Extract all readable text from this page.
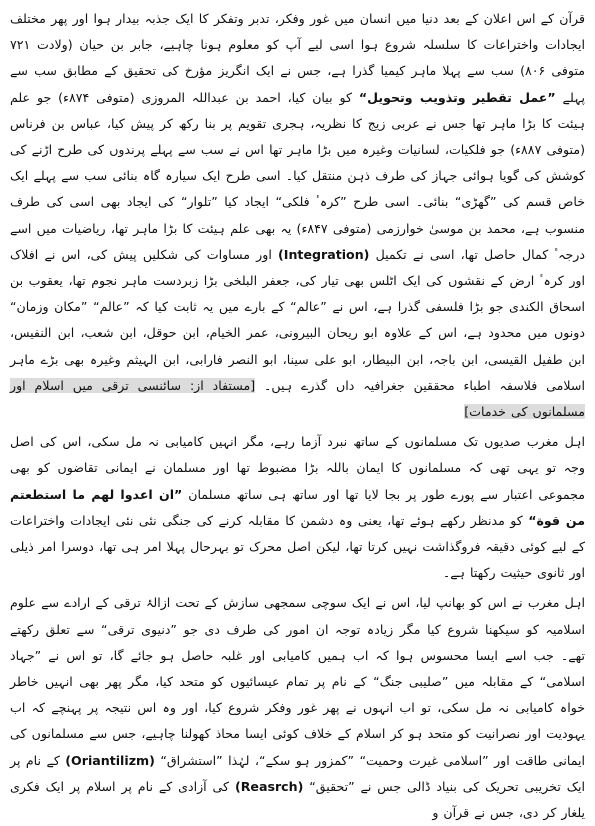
قرآن کے اس اعلان کے بعد دنیا میں انسان میں غور وفکر، تدبر وتفکر کا ایک جذبہ بیدار ہوا اور پھر مختلف ایجادات واختراعات کا سلسلہ شروع ہوا اسی لیے آپ کو معلوم ہونا چاہیے، جابر بن حیان (ولادت ۷۲۱ متوفی ۸۰۶) سب سے پہلا ماہر کیمیا گذرا ہے، جس نے ایک انگریز مؤرخ کی تحقیق کے مطابق سب سے پہلے ”عمل تقطیر وتذویب وتحویل“ کو بیان کیا، احمد بن عبداللہ المروزی (متوفی ۸۷۴ء) جو علم ہیئت کا بڑا ماہر تھا جس نے عربی زیج کا نظریہ، ہجری تقویم پر بنا رکھ کر پیش کیا، عباس بن فرناس (متوفی ۸۸۷ء) جو فلکیات، لسانیات وغیرہ میں بڑا ماہر تھا اس نے سب سے پہلے پرندوں کی طرح اڑنے کی کوشش کی گویا ہوائی جہاز کی طرف ذہن منتقل کیا۔ اسی طرح ایک سیارہ گاہ بنائی سب سے پہلے ایک خاص قسم کی ”گھڑی“ بنائی۔ اسی طرح ”کرہٴ فلکی“ ایجاد کیا ”تلوار“ کی ایجاد بھی اسی کی طرف منسوب ہے، محمد بن موسیٰ خوارزمی (متوفی ۸۴۷ء) یہ بھی علم ہیئت کا بڑا ماہر تھا، ریاضیات میں اسے درجہٴ کمال حاصل تھا، اسی نے تکمیل (Integration) اور مساوات کی شکلیں پیش کی، اس نے افلاک اور کرہٴ ارض کے نقشوں کی ایک اٹلس بھی تیار کی، جعفر البلخی بڑا زبردست ماہر نجوم تھا، یعقوب بن اسحاق الکندی جو بڑا فلسفی گذرا ہے، اس نے ”عالم“ کے بارے میں یہ ثابت کیا کہ ”عالم“ ”مکان وزمان“ دونوں میں محدود ہے، اس کے علاوہ ابو ریحان البیرونی، عمر الخیام، ابن حوقل، ابن شعب، ابن النفیس، ابن طفیل القیسی، ابن باجہ، ابن البیطار، ابو علی سینا، ابو النصر فارابی، ابن الہیثم وغیرہ بھی بڑے ماہر اسلامی فلاسفہ اطباء محققین جغرافیہ داں گذرے ہیں۔ [مستفاد از: سائنسی ترقی میں اسلام اور مسلمانوں کی خدمات]

اہل مغرب صدیوں تک مسلمانوں کے ساتھ نبرد آزما رہے، مگر انہیں کامیابی نہ مل سکی، اس کی اصل وجہ تو یہی تھی کہ مسلمانوں کا ایمان باللہ بڑا مضبوط تھا اور مسلمان نے ایمانی تقاضوں کو بھی مجموعی اعتبار سے پورے طور پر بجا لایا تھا اور ساتھ ہی ساتھ مسلمان ”ان اعدوا لهم ما استطعتم من قوة“ کو مدنظر رکھے ہوئے تھا، یعنی وہ دشمن کا مقابلہ کرنے کی جنگی نئی نئی ایجادات واختراعات کے لیے کوئی دقیقہ فروگذاشت نہیں کرتا تھا، لیکن اصل محرک تو بہرحال پہلا امر ہی تھا، دوسرا امر ذیلی اور ثانوی حیثیت رکھتا ہے۔

اہل مغرب نے اس کو بھانپ لیا، اس نے ایک سوچی سمجھی سازش کے تحت ازالۂ ترقی کے ارادے سے علوم اسلامیہ کو سیکھنا شروع کیا مگر زیادہ توجہ ان امور کی طرف دی جو ”دنیوی ترقی“ سے تعلق رکھتے تھے۔ جب اسے ایسا محسوس ہوا کہ اب ہمیں کامیابی اور غلبہ حاصل ہو جائے گا، تو اس نے ”جہاد اسلامی“ کے مقابلہ میں ”صلیبی جنگ“ کے نام پر تمام عیسائیوں کو متحد کیا، مگر پھر بھی انہیں خاطر خواہ کامیابی نہ مل سکی، تو اب انہوں نے پھر غور وفکر شروع کیا، اور وہ اس نتیجہ پر پہنچے کہ اب یہودیت اور نصرانیت کو متحد ہو کر اسلام کے خلاف کوئی ایسا محاذ کھولنا چاہیے، جس سے مسلمانوں کی ایمانی طاقت اور ”اسلامی غیرت وحمیت“ ”کمزور ہو سکے“، لہٰذا ”استشراق“ (Oriantilizm) کے نام پر ایک تخریبی تحریک کی بنیاد ڈالی جس نے ”تحقیق“ (Reasrch) کی آزادی کے نام پر اسلام پر ایک فکری یلغار کر دی، جس نے قرآن و
